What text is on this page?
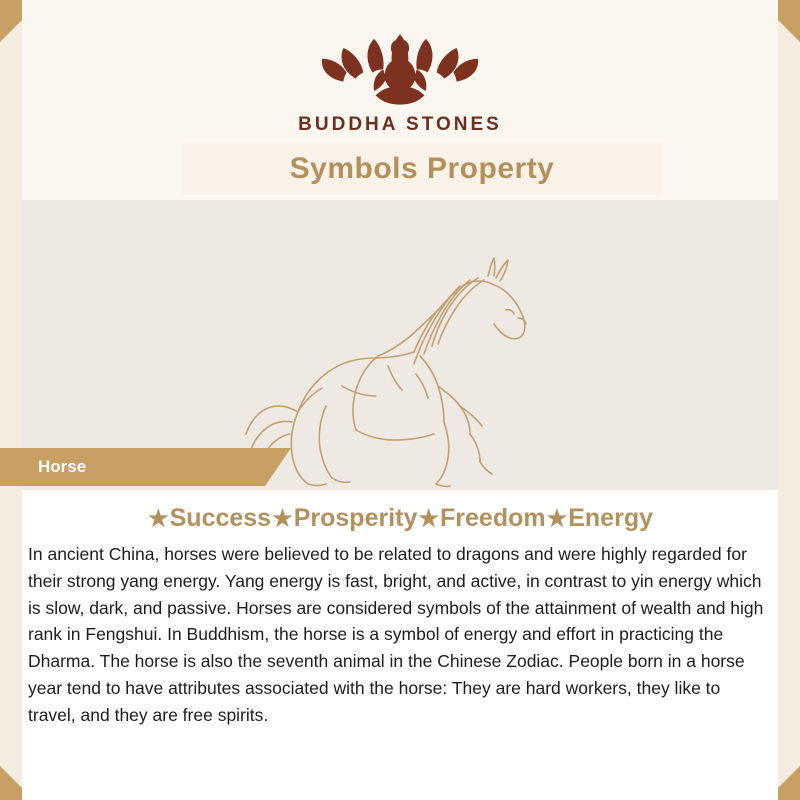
BUDDHA STONES
Symbols Property
Horse
★ Success ★ Prosperity ★ Freedom ★ Energy
In ancient China, horses were believed to be related to dragons and were highly regarded for their strong yang energy. Yang energy is fast, bright, and active, in contrast to yin energy which is slow, dark, and passive. Horses are considered symbols of the attainment of wealth and high rank in Fengshui. In Buddhism, the horse is a symbol of energy and effort in practicing the Dharma. The horse is also the seventh animal in the Chinese Zodiac. People born in a horse year tend to have attributes associated with the horse: They are hard workers, they like to travel, and they are free spirits.
